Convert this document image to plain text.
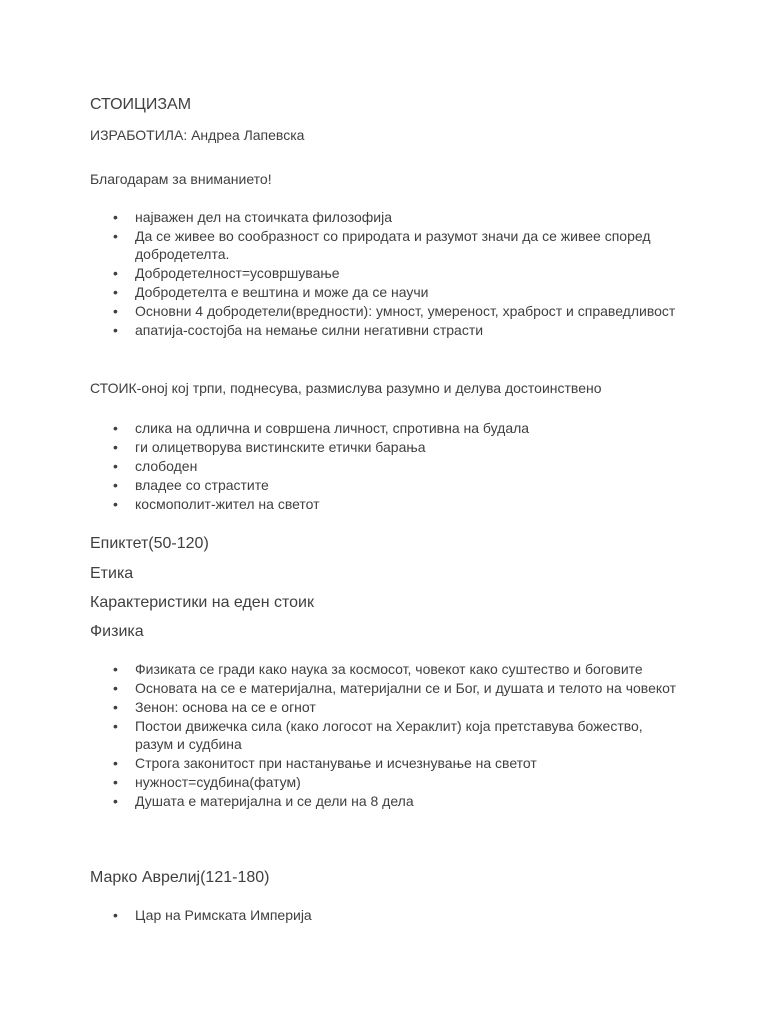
СТОИЦИЗАМ

ИЗРАБОТИЛА: Андреа Лапевска

Благодарам за вниманието!

• најважен дел на стоичката филозофија
• Да се живее во сообразност со природата и разумот значи да се живее според добродетелта.
• Добродетелност=усовршување
• Добродетелта е вештина и може да се научи
• Основни 4 добродетели(вредности): умност, умереност, храброст и справедливост
• апатија-состојба на немање силни негативни страсти

СТОИК-оној кој трпи, поднесува, размислува разумно и делува достоинствено

• слика на одлична и совршена личност, спротивна на будала
• ги олицетворува вистинските етички барања
• слободен
• владее со страстите
• космополит-жител на светот

Епиктет(50-120)

Етика

Карактеристики на еден стоик

Физика

• Физиката се гради како наука за космосот, човекот како суштество и боговите
• Основата на се е материјална, материјални се и Бог, и душата и телото на човекот
• Зенон: основа на се е огнот
• Постои движечка сила (како логосот на Хераклит) која претставува божество, разум и судбина
• Строга законитост при настанување и исчезнување на светот
• нужност=судбина(фатум)
• Душата е материјална и се дели на 8 дела

Марко Аврелиј(121-180)

• Цар на Римската Империја
